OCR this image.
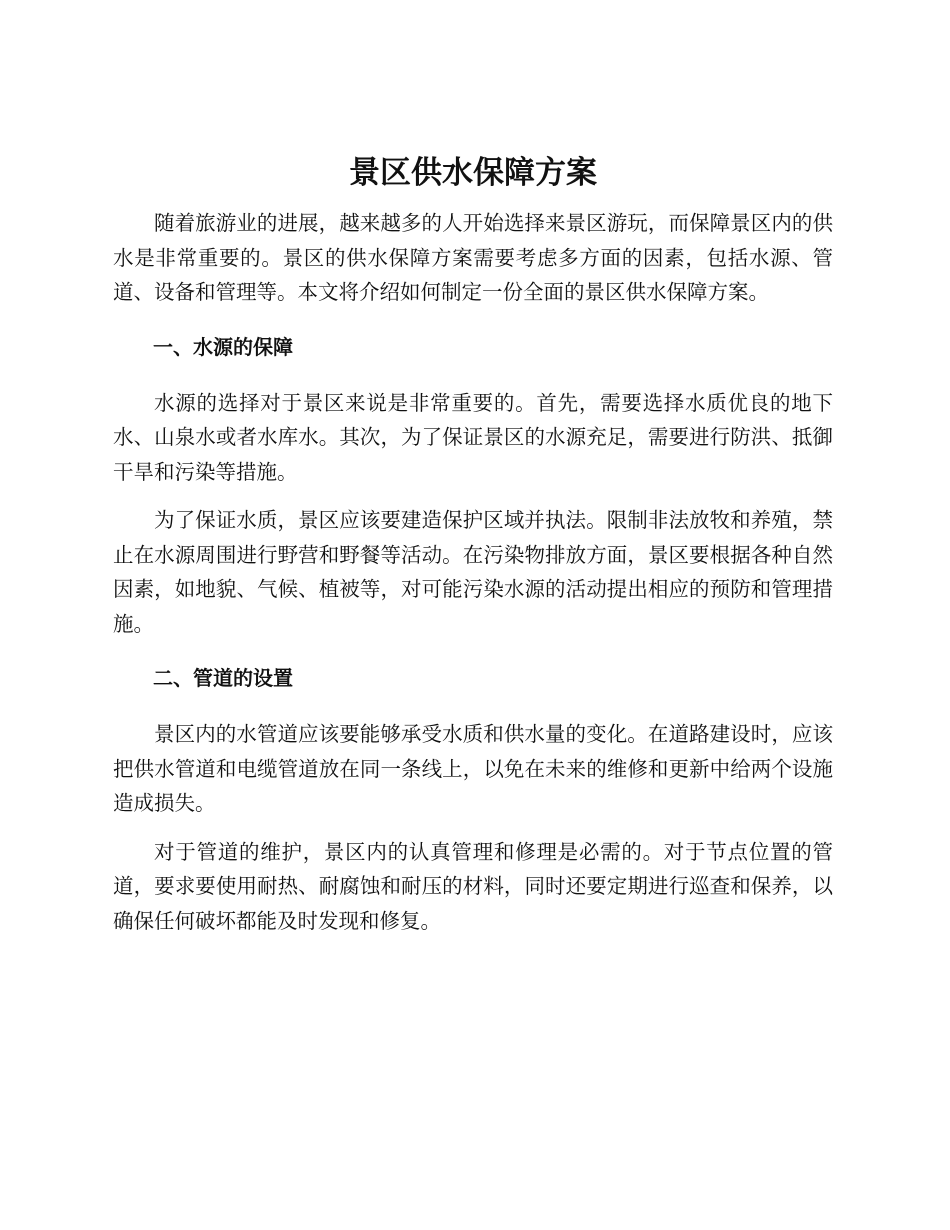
景区供水保障方案

随着旅游业的进展，越来越多的人开始选择来景区游玩，而保障景区内的供水是非常重要的。景区的供水保障方案需要考虑多方面的因素，包括水源、管道、设备和管理等。本文将介绍如何制定一份全面的景区供水保障方案。

一、水源的保障

水源的选择对于景区来说是非常重要的。首先，需要选择水质优良的地下水、山泉水或者水库水。其次，为了保证景区的水源充足，需要进行防洪、抵御干旱和污染等措施。

为了保证水质，景区应该要建造保护区域并执法。限制非法放牧和养殖，禁止在水源周围进行野营和野餐等活动。在污染物排放方面，景区要根据各种自然因素，如地貌、气候、植被等，对可能污染水源的活动提出相应的预防和管理措施。

二、管道的设置

景区内的水管道应该要能够承受水质和供水量的变化。在道路建设时，应该把供水管道和电缆管道放在同一条线上，以免在未来的维修和更新中给两个设施造成损失。

对于管道的维护，景区内的认真管理和修理是必需的。对于节点位置的管道，要求要使用耐热、耐腐蚀和耐压的材料，同时还要定期进行巡查和保养，以确保任何破坏都能及时发现和修复。
